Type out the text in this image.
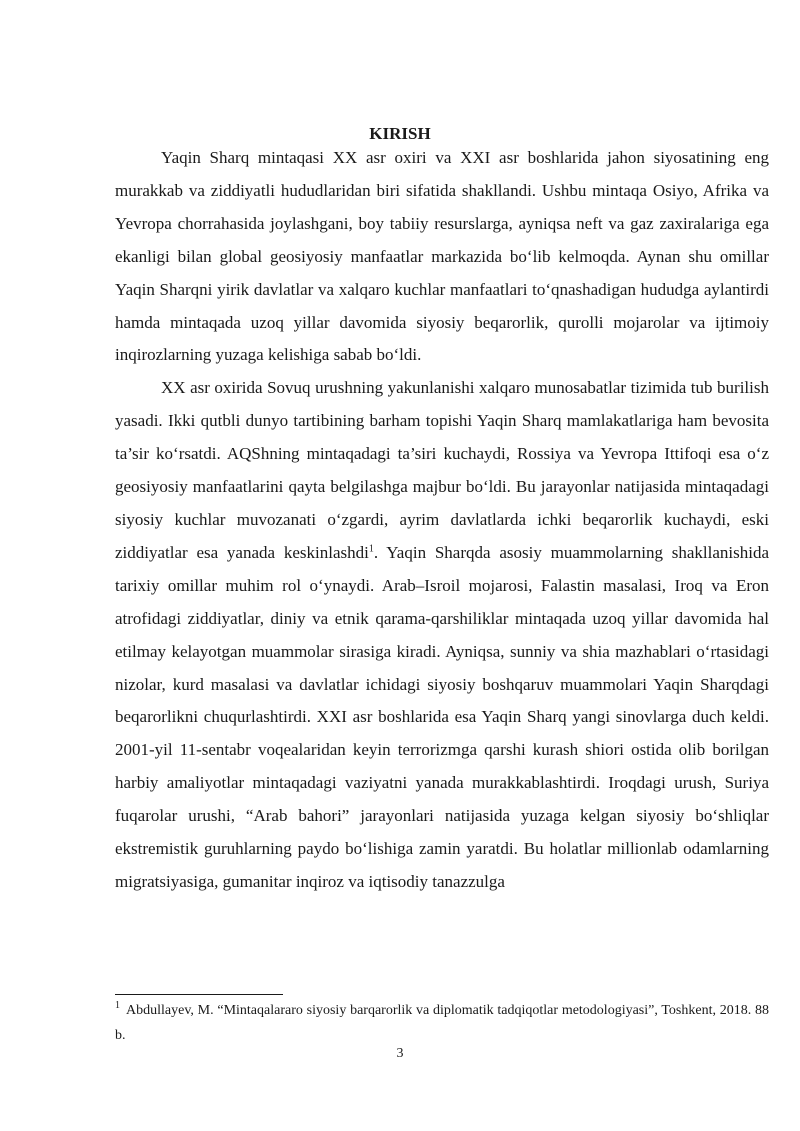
KIRISH

Yaqin Sharq mintaqasi XX asr oxiri va XXI asr boshlarida jahon siyosatining eng murakkab va ziddiyatli hududlaridan biri sifatida shakllandi. Ushbu mintaqa Osiyo, Afrika va Yevropa chorrahasida joylashgani, boy tabiiy resurslarga, ayniqsa neft va gaz zaxiralariga ega ekanligi bilan global geosiyosiy manfaatlar markazida bo‘lib kelmoqda. Aynan shu omillar Yaqin Sharqni yirik davlatlar va xalqaro kuchlar manfaatlari to‘qnashadigan hududga aylantirdi hamda mintaqada uzoq yillar davomida siyosiy beqarorlik, qurolli mojarolar va ijtimoiy inqirozlarning yuzaga kelishiga sabab bo‘ldi.

XX asr oxirida Sovuq urushning yakunlanishi xalqaro munosabatlar tizimida tub burilish yasadi. Ikki qutbli dunyo tartibining barham topishi Yaqin Sharq mamlakatlariga ham bevosita ta’sir ko‘rsatdi. AQShning mintaqadagi ta’siri kuchaydi, Rossiya va Yevropa Ittifoqi esa o‘z geosiyosiy manfaatlarini qayta belgilashga majbur bo‘ldi. Bu jarayonlar natijasida mintaqadagi siyosiy kuchlar muvozanati o‘zgardi, ayrim davlatlarda ichki beqarorlik kuchaydi, eski ziddiyatlar esa yanada keskinlashdi$^1$. Yaqin Sharqda asosiy muammolarning shakllanishida tarixiy omillar muhim rol o‘ynaydi. Arab–Isroil mojarosi, Falastin masalasi, Iroq va Eron atrofidagi ziddiyatlar, diniy va etnik qarama-qarshiliklar mintaqada uzoq yillar davomida hal etilmay kelayotgan muammolar sirasiga kiradi. Ayniqsa, sunniy va shia mazhablari o‘rtasidagi nizolar, kurd masalasi va davlatlar ichidagi siyosiy boshqaruv muammolari Yaqin Sharqdagi beqarorlikni chuqurlashtirdi. XXI asr boshlarida esa Yaqin Sharq yangi sinovlarga duch keldi. 2001-yil 11-sentabr voqealaridan keyin terrorizmga qarshi kurash shiori ostida olib borilgan harbiy amaliyotlar mintaqadagi vaziyatni yanada murakkablashtirdi. Iroqdagi urush, Suriya fuqarolar urushi, “Arab bahori” jarayonlari natijasida yuzaga kelgan siyosiy bo‘shliqlar ekstremistik guruhlarning paydo bo‘lishiga zamin yaratdi. Bu holatlar millionlab odamlarning migratsiyasiga, gumanitar inqiroz va iqtisodiy tanazzulga

$^1$ Abdullayev, M. “Mintaqalararo siyosiy barqarorlik va diplomatik tadqiqotlar metodologiyasi”, Toshkent, 2018. 88 b.
3
